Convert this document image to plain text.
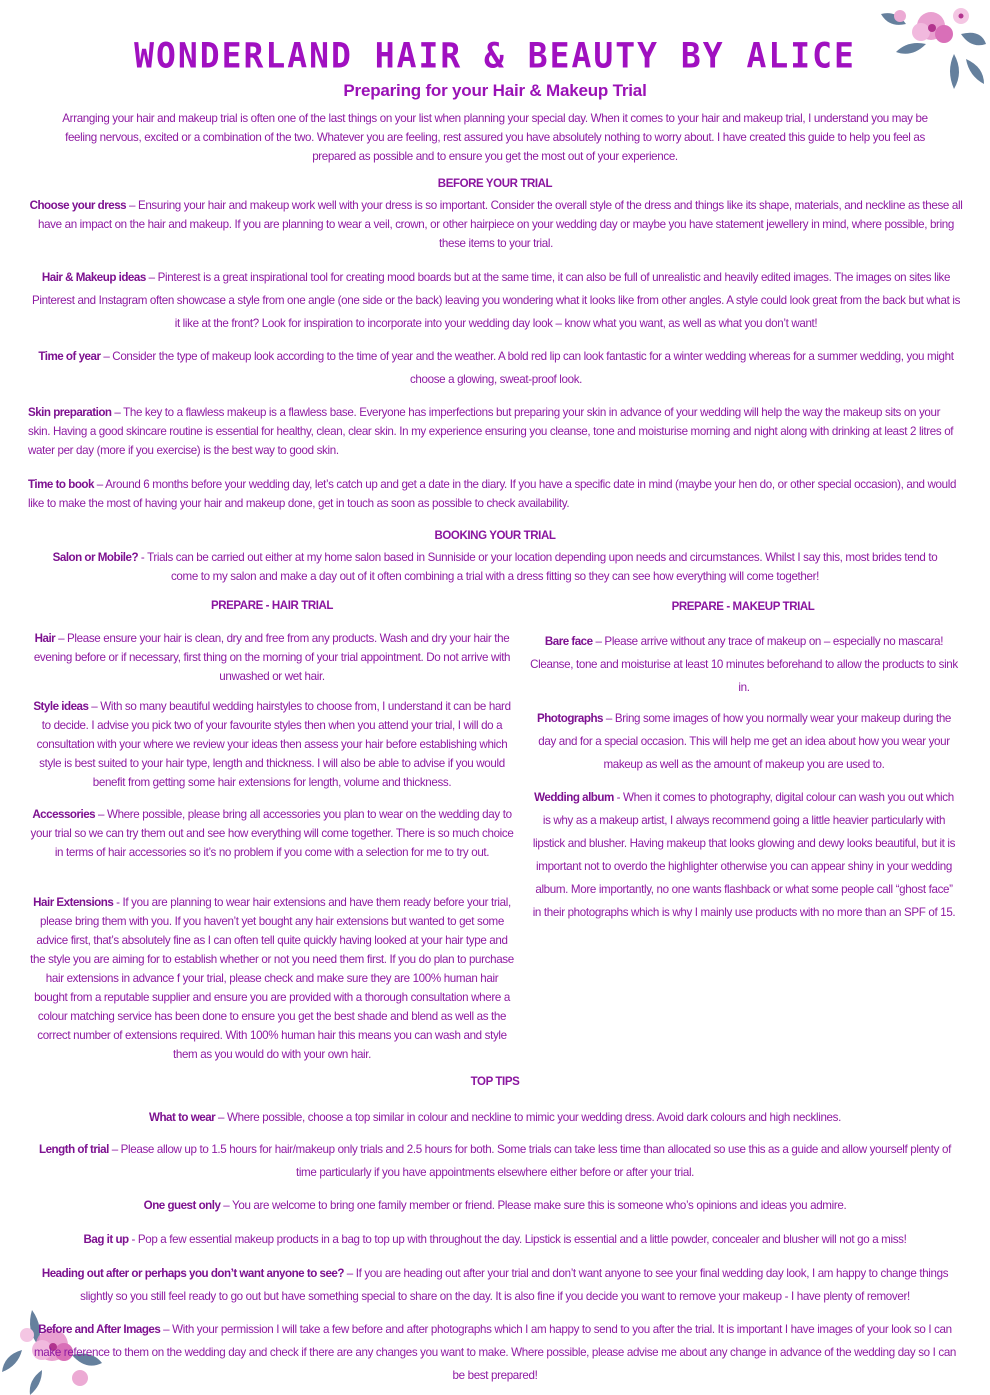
WONDERLAND HAIR & BEAUTY BY ALICE
Preparing for your Hair & Makeup Trial
Arranging your hair and makeup trial is often one of the last things on your list when planning your special day. When it comes to your hair and makeup trial, I understand you may be feeling nervous, excited or a combination of the two. Whatever you are feeling, rest assured you have absolutely nothing to worry about. I have created this guide to help you feel as prepared as possible and to ensure you get the most out of your experience.
BEFORE YOUR TRIAL
Choose your dress – Ensuring your hair and makeup work well with your dress is so important. Consider the overall style of the dress and things like its shape, materials, and neckline as these all have an impact on the hair and makeup. If you are planning to wear a veil, crown, or other hairpiece on your wedding day or maybe you have statement jewellery in mind, where possible, bring these items to your trial.
Hair & Makeup ideas – Pinterest is a great inspirational tool for creating mood boards but at the same time, it can also be full of unrealistic and heavily edited images. The images on sites like Pinterest and Instagram often showcase a style from one angle (one side or the back) leaving you wondering what it looks like from other angles. A style could look great from the back but what is it like at the front? Look for inspiration to incorporate into your wedding day look – know what you want, as well as what you don’t want!
Time of year – Consider the type of makeup look according to the time of year and the weather. A bold red lip can look fantastic for a winter wedding whereas for a summer wedding, you might choose a glowing, sweat-proof look.
Skin preparation – The key to a flawless makeup is a flawless base. Everyone has imperfections but preparing your skin in advance of your wedding will help the way the makeup sits on your skin. Having a good skincare routine is essential for healthy, clean, clear skin. In my experience ensuring you cleanse, tone and moisturise morning and night along with drinking at least 2 litres of water per day (more if you exercise) is the best way to good skin.
Time to book – Around 6 months before your wedding day, let’s catch up and get a date in the diary. If you have a specific date in mind (maybe your hen do, or other special occasion), and would like to make the most of having your hair and makeup done, get in touch as soon as possible to check availability.
BOOKING YOUR TRIAL
Salon or Mobile? - Trials can be carried out either at my home salon based in Sunniside or your location depending upon needs and circumstances. Whilst I say this, most brides tend to come to my salon and make a day out of it often combining a trial with a dress fitting so they can see how everything will come together!
PREPARE - HAIR TRIAL
Hair – Please ensure your hair is clean, dry and free from any products. Wash and dry your hair the evening before or if necessary, first thing on the morning of your trial appointment. Do not arrive with unwashed or wet hair.
Style ideas – With so many beautiful wedding hairstyles to choose from, I understand it can be hard to decide. I advise you pick two of your favourite styles then when you attend your trial, I will do a consultation with your where we review your ideas then assess your hair before establishing which style is best suited to your hair type, length and thickness. I will also be able to advise if you would benefit from getting some hair extensions for length, volume and thickness.
Accessories – Where possible, please bring all accessories you plan to wear on the wedding day to your trial so we can try them out and see how everything will come together. There is so much choice in terms of hair accessories so it’s no problem if you come with a selection for me to try out.
Hair Extensions - If you are planning to wear hair extensions and have them ready before your trial, please bring them with you. If you haven’t yet bought any hair extensions but wanted to get some advice first, that’s absolutely fine as I can often tell quite quickly having looked at your hair type and the style you are aiming for to establish whether or not you need them first. If you do plan to purchase hair extensions in advance f your trial, please check and make sure they are 100% human hair bought from a reputable supplier and ensure you are provided with a thorough consultation where a colour matching service has been done to ensure you get the best shade and blend as well as the correct number of extensions required. With 100% human hair this means you can wash and style them as you would do with your own hair.
PREPARE - MAKEUP TRIAL
Bare face – Please arrive without any trace of makeup on – especially no mascara! Cleanse, tone and moisturise at least 10 minutes beforehand to allow the products to sink in.
Photographs – Bring some images of how you normally wear your makeup during the day and for a special occasion. This will help me get an idea about how you wear your makeup as well as the amount of makeup you are used to.
Wedding album - When it comes to photography, digital colour can wash you out which is why as a makeup artist, I always recommend going a little heavier particularly with lipstick and blusher. Having makeup that looks glowing and dewy looks beautiful, but it is important not to overdo the highlighter otherwise you can appear shiny in your wedding album. More importantly, no one wants flashback or what some people call “ghost face” in their photographs which is why I mainly use products with no more than an SPF of 15.
TOP TIPS
What to wear – Where possible, choose a top similar in colour and neckline to mimic your wedding dress. Avoid dark colours and high necklines.
Length of trial – Please allow up to 1.5 hours for hair/makeup only trials and 2.5 hours for both. Some trials can take less time than allocated so use this as a guide and allow yourself plenty of time particularly if you have appointments elsewhere either before or after your trial.
One guest only – You are welcome to bring one family member or friend. Please make sure this is someone who’s opinions and ideas you admire.
Bag it up - Pop a few essential makeup products in a bag to top up with throughout the day. Lipstick is essential and a little powder, concealer and blusher will not go a miss!
Heading out after or perhaps you don’t want anyone to see? – If you are heading out after your trial and don’t want anyone to see your final wedding day look, I am happy to change things slightly so you still feel ready to go out but have something special to share on the day. It is also fine if you decide you want to remove your makeup - I have plenty of remover!
Before and After Images – With your permission I will take a few before and after photographs which I am happy to send to you after the trial. It is important I have images of your look so I can make reference to them on the wedding day and check if there are any changes you want to make. Where possible, please advise me about any change in advance of the wedding day so I can be best prepared!
